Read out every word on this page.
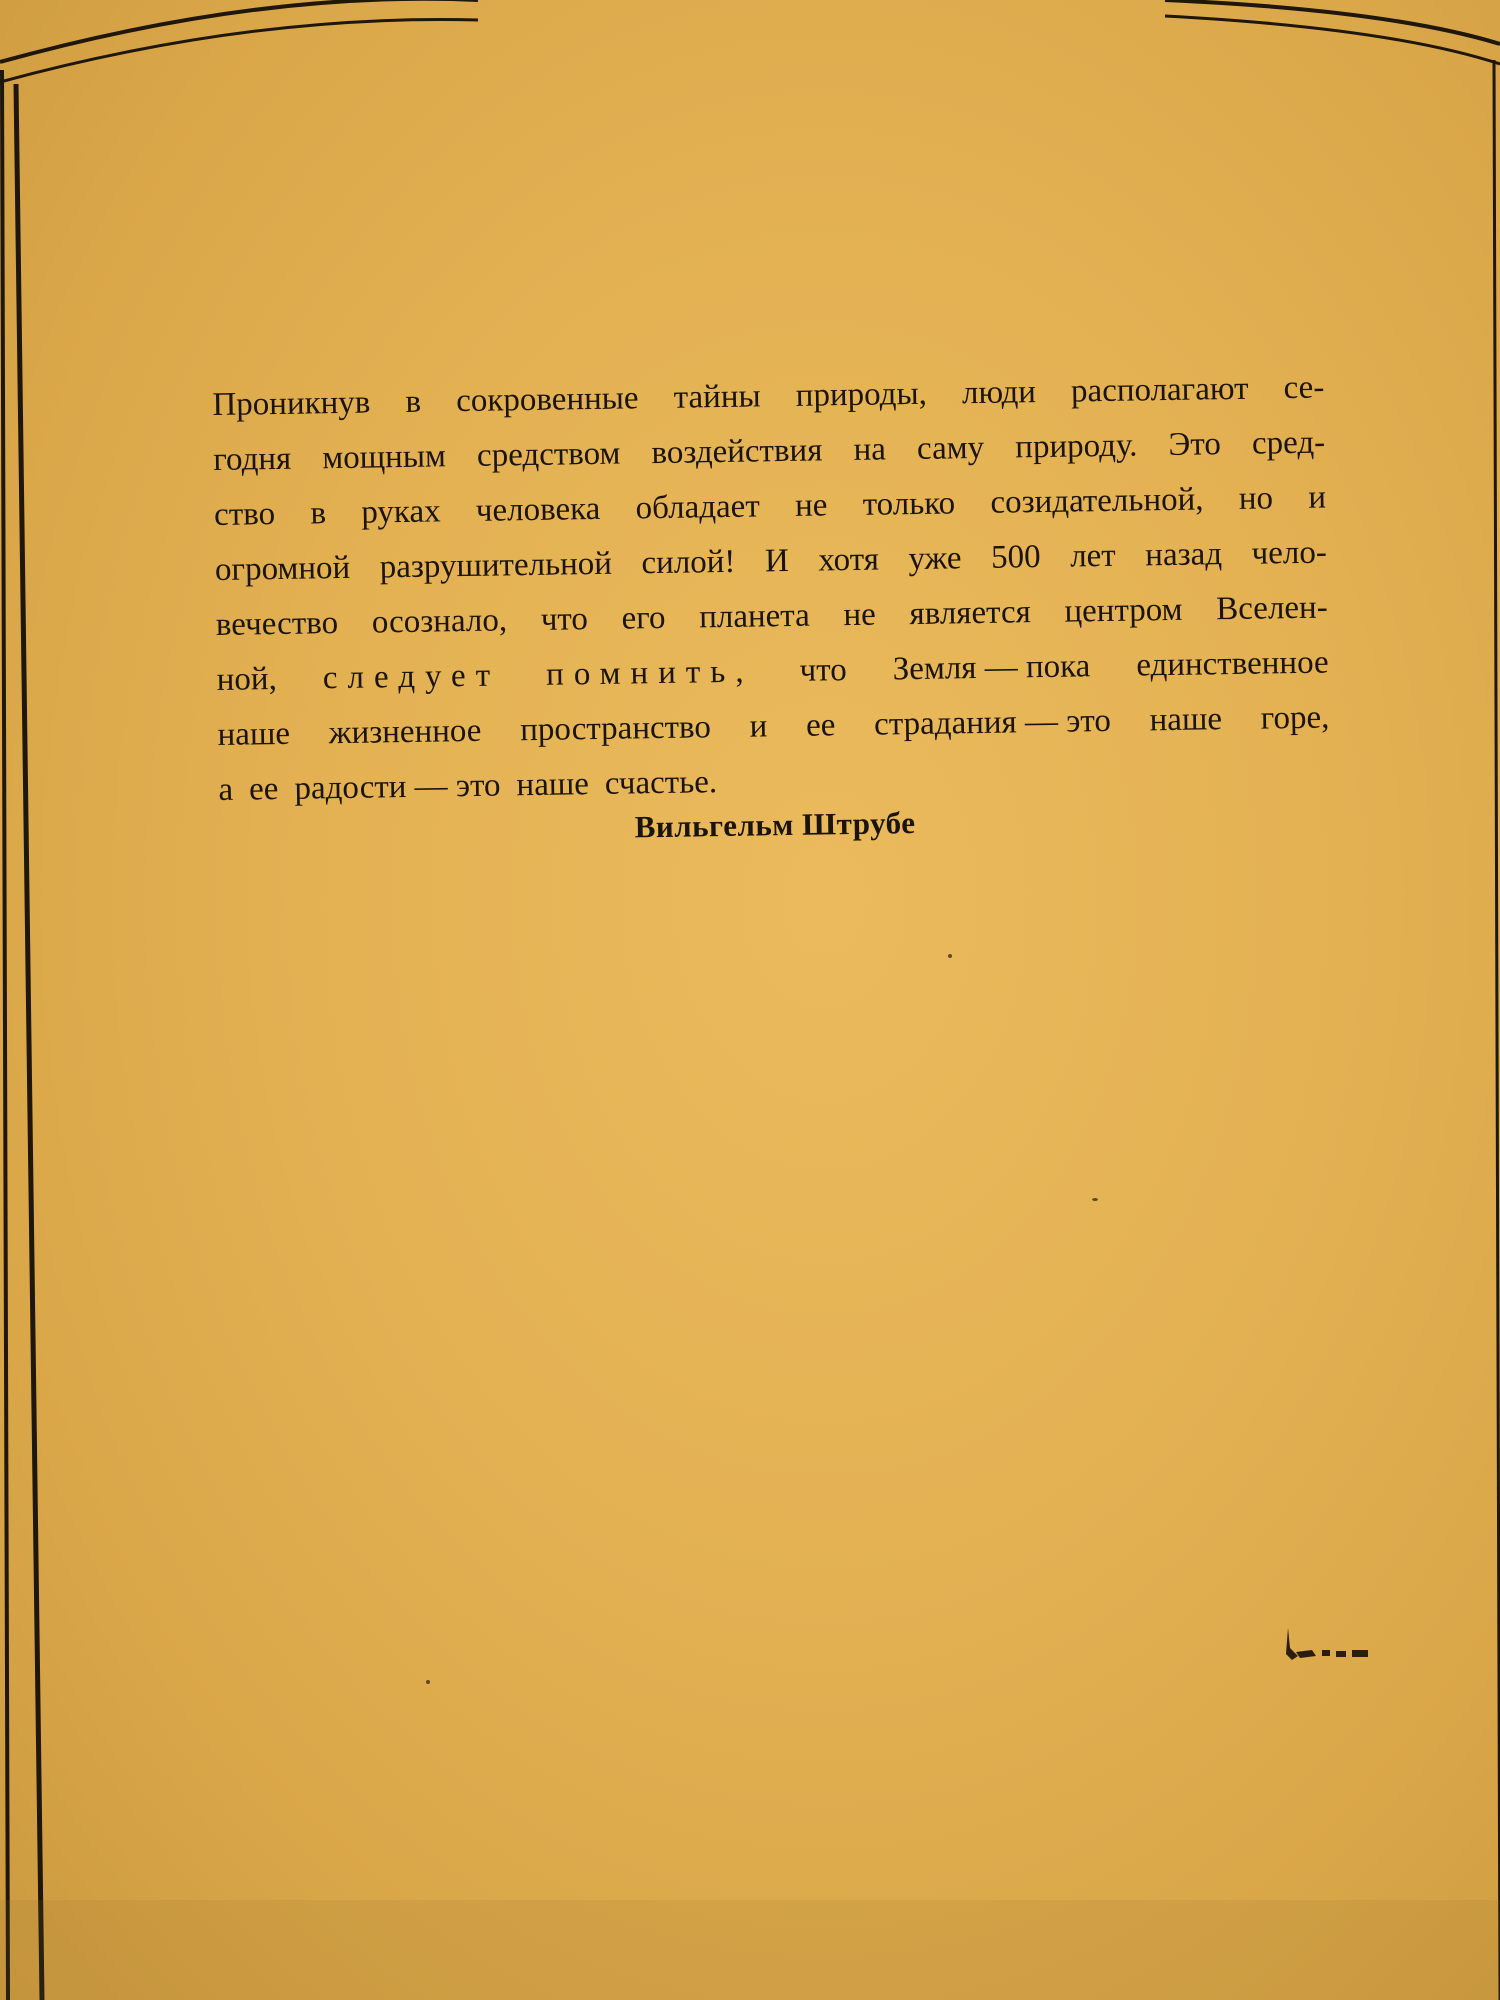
Проникнув в сокровенные тайны природы, люди располагают се-
годня мощным средством воздействия на саму природу. Это сред-
ство в руках человека обладает не только созидательной, но и
огромной разрушительной силой! И хотя уже 500 лет назад чело-
вечество осознало, что его планета не является центром Вселен-
ной, следует помнить, что Земля — пока единственное
наше жизненное пространство и ее страдания — это наше горе,
а ее радости — это наше счастье.
Вильгельм Штрубе
